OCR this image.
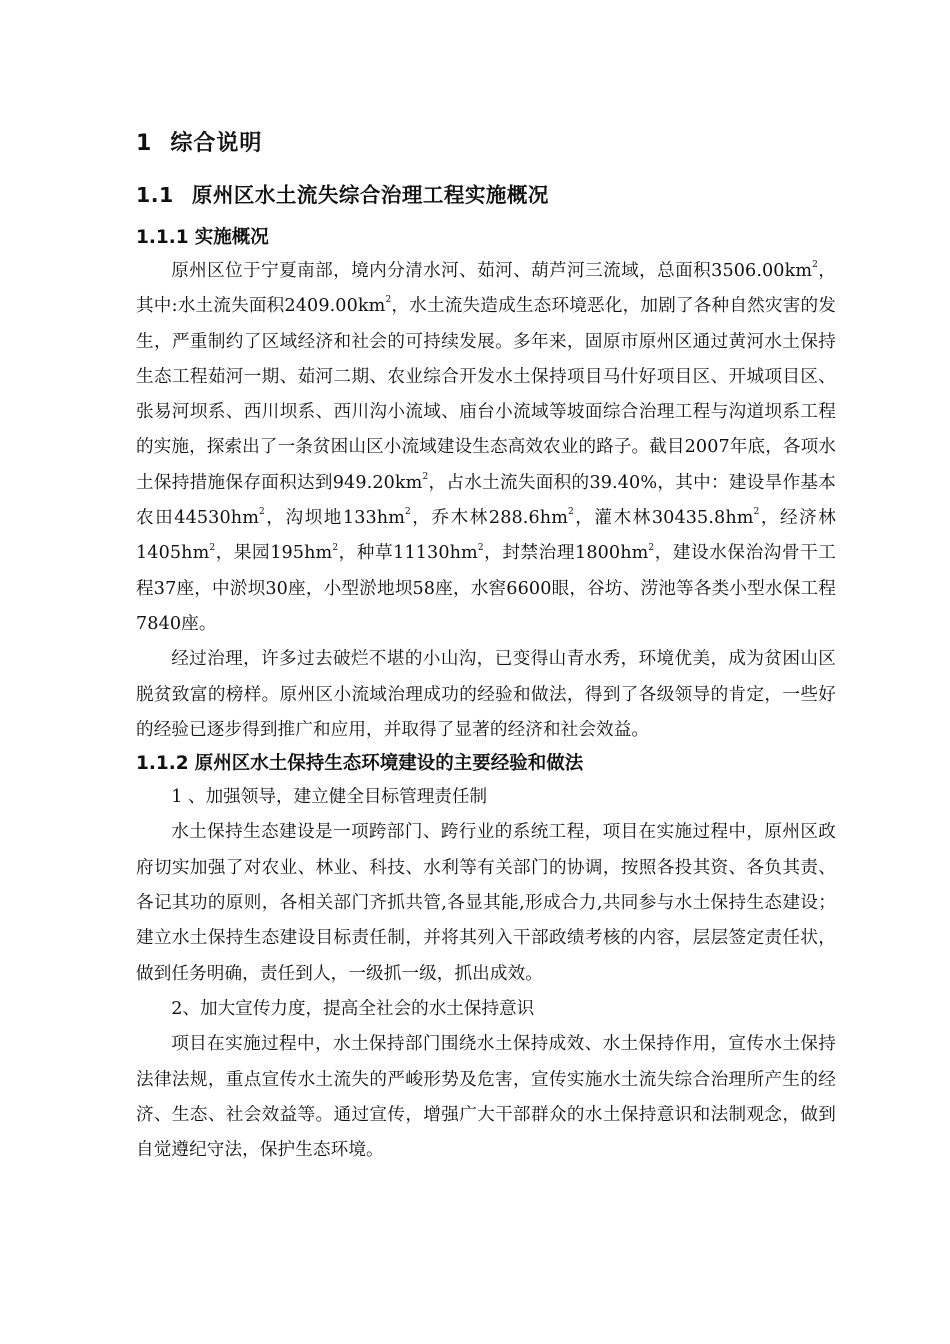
1 综合说明
1.1 原州区水土流失综合治理工程实施概况
1.1.1 实施概况

原州区位于宁夏南部，境内分清水河、茹河、葫芦河三流域，总面积$3506.00km^2$，其中:水土流失面积$2409.00km^2$，水土流失造成生态环境恶化，加剧了各种自然灾害的发生，严重制约了区域经济和社会的可持续发展。多年来，固原市原州区通过黄河水土保持生态工程茹河一期、茹河二期、农业综合开发水土保持项目马什好项目区、开城项目区、张易河坝系、西川坝系、西川沟小流域、庙台小流域等坡面综合治理工程与沟道坝系工程的实施，探索出了一条贫困山区小流域建设生态高效农业的路子。截目2007年底，各项水土保持措施保存面积达到$949.20km^2$，占水土流失面积的39.40%，其中：建设旱作基本农田$44530hm^2$，沟坝地$133hm^2$，乔木林$288.6hm^2$，灌木林$30435.8hm^2$，经济林$1405hm^2$，果园$195hm^2$，种草$11130hm^2$，封禁治理$1800hm^2$，建设水保治沟骨干工程37座，中淤坝30座，小型淤地坝58座，水窖6600眼，谷坊、涝池等各类小型水保工程7840座。

经过治理，许多过去破烂不堪的小山沟，已变得山青水秀，环境优美，成为贫困山区脱贫致富的榜样。原州区小流域治理成功的经验和做法，得到了各级领导的肯定，一些好的经验已逐步得到推广和应用，并取得了显著的经济和社会效益。

1.1.2 原州区水土保持生态环境建设的主要经验和做法

1 、加强领导，建立健全目标管理责任制

水土保持生态建设是一项跨部门、跨行业的系统工程，项目在实施过程中，原州区政府切实加强了对农业、林业、科技、水利等有关部门的协调，按照各投其资、各负其责、各记其功的原则，各相关部门齐抓共管,各显其能,形成合力,共同参与水土保持生态建设；建立水土保持生态建设目标责任制，并将其列入干部政绩考核的内容，层层签定责任状，做到任务明确，责任到人，一级抓一级，抓出成效。

2、加大宣传力度，提高全社会的水土保持意识

项目在实施过程中，水土保持部门围绕水土保持成效、水土保持作用，宣传水土保持法律法规，重点宣传水土流失的严峻形势及危害，宣传实施水土流失综合治理所产生的经济、生态、社会效益等。通过宣传，增强广大干部群众的水土保持意识和法制观念，做到自觉遵纪守法，保护生态环境。
